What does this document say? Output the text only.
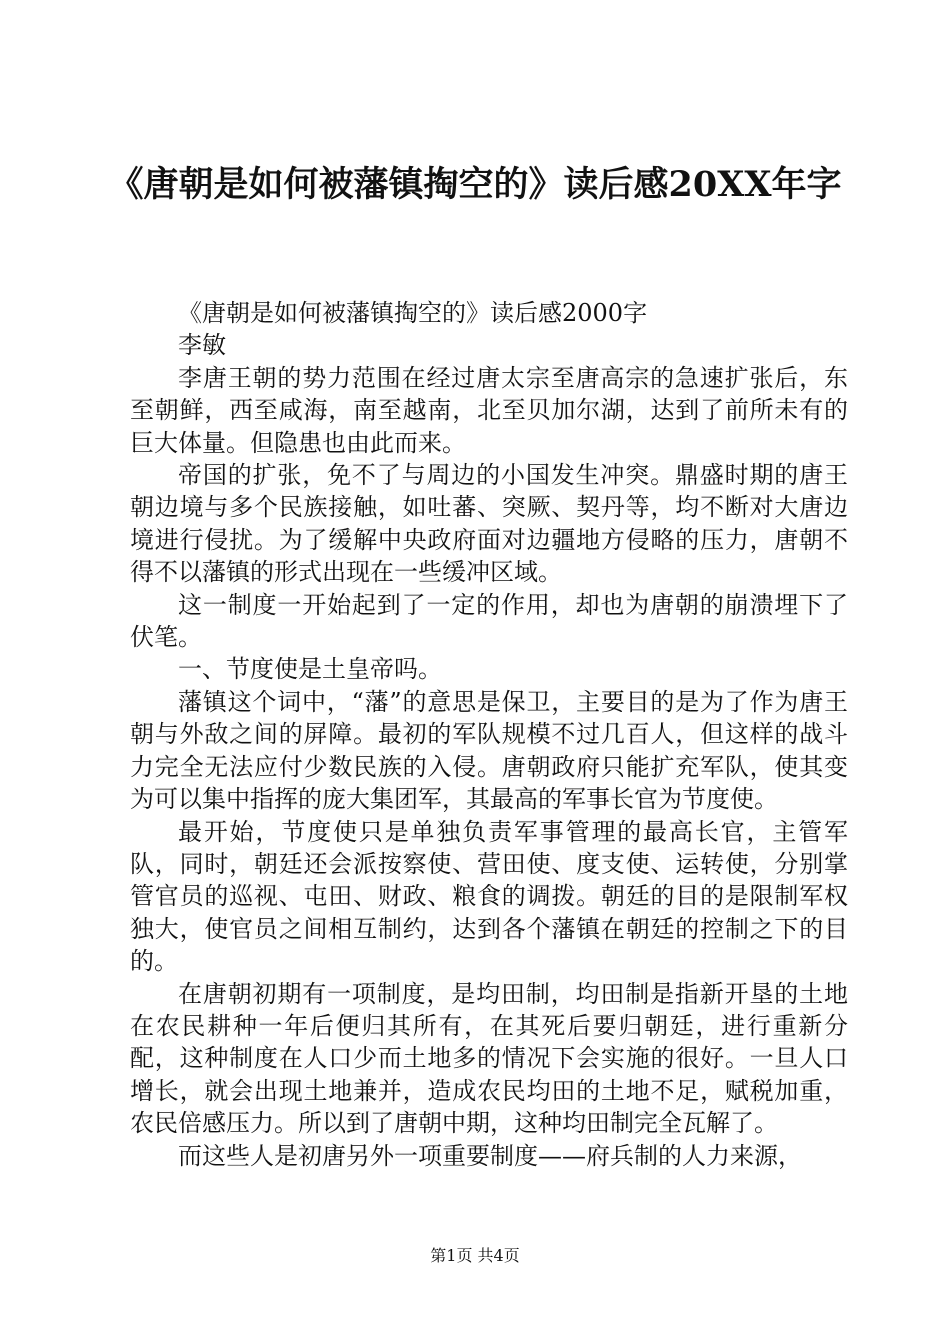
《唐朝是如何被藩镇掏空的》读后感20XX年字

《唐朝是如何被藩镇掏空的》读后感2000字

李敏

李唐王朝的势力范围在经过唐太宗至唐高宗的急速扩张后，东至朝鲜，西至咸海，南至越南，北至贝加尔湖，达到了前所未有的巨大体量。但隐患也由此而来。

帝国的扩张，免不了与周边的小国发生冲突。鼎盛时期的唐王朝边境与多个民族接触，如吐蕃、突厥、契丹等，均不断对大唐边境进行侵扰。为了缓解中央政府面对边疆地方侵略的压力，唐朝不得不以藩镇的形式出现在一些缓冲区域。

这一制度一开始起到了一定的作用，却也为唐朝的崩溃埋下了伏笔。

一、节度使是土皇帝吗。

藩镇这个词中，“藩”的意思是保卫，主要目的是为了作为唐王朝与外敌之间的屏障。最初的军队规模不过几百人，但这样的战斗力完全无法应付少数民族的入侵。唐朝政府只能扩充军队，使其变为可以集中指挥的庞大集团军，其最高的军事长官为节度使。

最开始，节度使只是单独负责军事管理的最高长官，主管军队，同时，朝廷还会派按察使、营田使、度支使、运转使，分别掌管官员的巡视、屯田、财政、粮食的调拨。朝廷的目的是限制军权独大，使官员之间相互制约，达到各个藩镇在朝廷的控制之下的目的。

在唐朝初期有一项制度，是均田制，均田制是指新开垦的土地在农民耕种一年后便归其所有，在其死后要归朝廷，进行重新分配，这种制度在人口少而土地多的情况下会实施的很好。一旦人口增长，就会出现土地兼并，造成农民均田的土地不足，赋税加重，农民倍感压力。所以到了唐朝中期，这种均田制完全瓦解了。

而这些人是初唐另外一项重要制度——府兵制的人力来源，

第1页 共4页
